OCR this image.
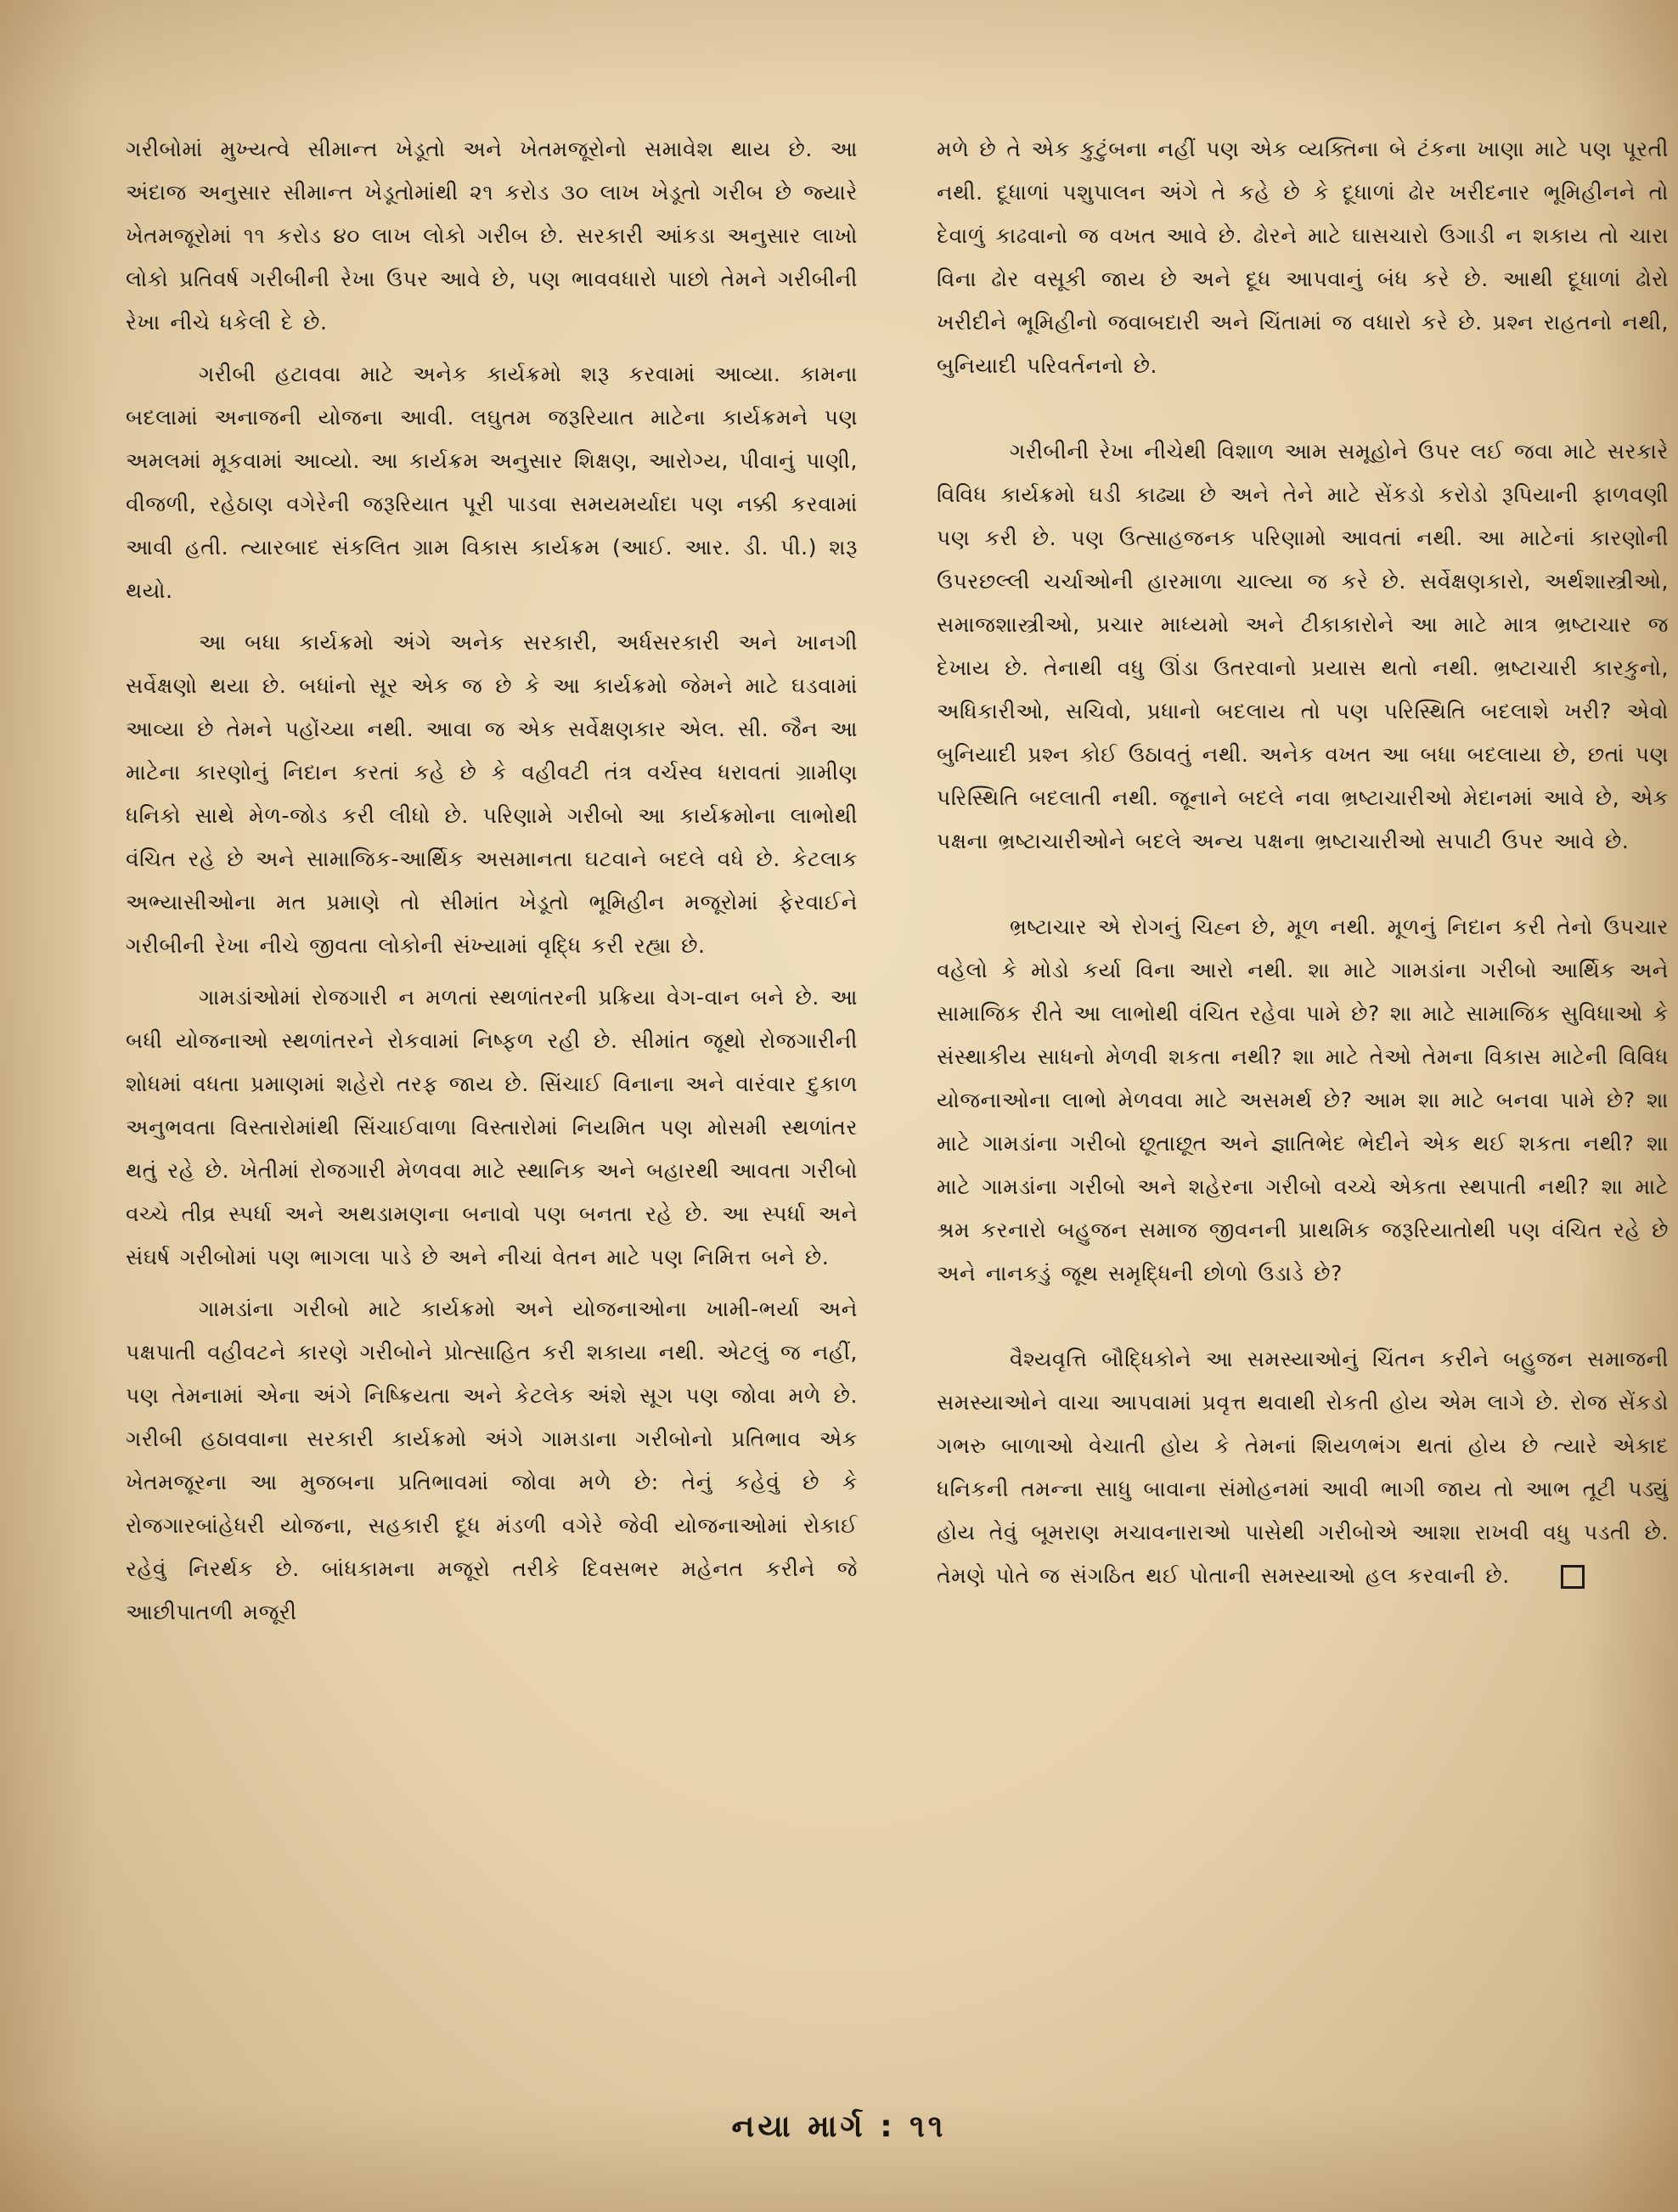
ગરીબોમાં મુખ્યત્વે સીમાન્ત ખેડૂતો અને ખેતમજૂરોનો સમાવેશ થાય છે. આ અંદાજ અનુસાર સીમાન્ત ખેડૂતોમાંથી ૨૧ કરોડ ૩૦ લાખ ખેડૂતો ગરીબ છે જ્યારે ખેતમજૂરોમાં ૧૧ કરોડ ૪૦ લાખ લોકો ગરીબ છે. સરકારી આંકડા અનુસાર લાખો લોકો પ્રતિવર્ષ ગરીબીની રેખા ઉપર આવે છે, પણ ભાવવધારો પાછો તેમને ગરીબીની રેખા નીચે ધકેલી દે છે.

ગરીબી હટાવવા માટે અનેક કાર્યક્રમો શરૂ કરવામાં આવ્યા. કામના બદલામાં અનાજની યોજના આવી. લઘુતમ જરૂરિયાત માટેના કાર્યક્રમને પણ અમલમાં મૂકવામાં આવ્યો. આ કાર્યક્રમ અનુસાર શિક્ષણ, આરોગ્ય, પીવાનું પાણી, વીજળી, રહેઠાણ વગેરેની જરૂરિયાત પૂરી પાડવા સમયમર્યાદા પણ નક્કી કરવામાં આવી હતી. ત્યારબાદ સંકલિત ગ્રામ વિકાસ કાર્યક્રમ (આઈ. આર. ડી. પી.) શરૂ થયો.

આ બધા કાર્યક્રમો અંગે અનેક સરકારી, અર્ધસરકારી અને ખાનગી સર્વેક્ષણો થયા છે. બધાંનો સૂર એક જ છે કે આ કાર્યક્રમો જેમને માટે ઘડવામાં આવ્યા છે તેમને પહોંચ્યા નથી. આવા જ એક સર્વેક્ષણકાર એલ. સી. જૈન આ માટેના કારણોનું નિદાન કરતાં કહે છે કે વહીવટી તંત્ર વર્ચસ્વ ધરાવતાં ગ્રામીણ ધનિકો સાથે મેળ-જોડ કરી લીધો છે. પરિણામે ગરીબો આ કાર્યક્રમોના લાભોથી વંચિત રહે છે અને સામાજિક-આર્થિક અસમાનતા ઘટવાને બદલે વધે છે. કેટલાક અભ્યાસીઓના મત પ્રમાણે તો સીમાંત ખેડૂતો ભૂમિહીન મજૂરોમાં ફેરવાઈને ગરીબીની રેખા નીચે જીવતા લોકોની સંખ્યામાં વૃદ્ધિ કરી રહ્યા છે.

ગામડાંઓમાં રોજગારી ન મળતાં સ્થળાંતરની પ્રક્રિયા વેગ-વાન બને છે. આ બધી યોજનાઓ સ્થળાંતરને રોકવામાં નિષ્ફળ રહી છે. સીમાંત જૂથો રોજગારીની શોધમાં વધતા પ્રમાણમાં શહેરો તરફ જાય છે. સિંચાઈ વિનાના અને વારંવાર દુકાળ અનુભવતા વિસ્તારોમાંથી સિંચાઈવાળા વિસ્તારોમાં નિયમિત પણ મોસમી સ્થળાંતર થતું રહે છે. ખેતીમાં રોજગારી મેળવવા માટે સ્થાનિક અને બહારથી આવતા ગરીબો વચ્ચે તીવ્ર સ્પર્ધા અને અથડામણના બનાવો પણ બનતા રહે છે. આ સ્પર્ધા અને સંઘર્ષ ગરીબોમાં પણ ભાગલા પાડે છે અને નીચાં વેતન માટે પણ નિમિત્ત બને છે.

ગામડાંના ગરીબો માટે કાર્યક્રમો અને યોજનાઓના ખામી-ભર્યા અને પક્ષપાતી વહીવટને કારણે ગરીબોને પ્રોત્સાહિત કરી શકાયા નથી. એટલું જ નહીં, પણ તેમનામાં એના અંગે નિષ્ક્રિયતા અને કેટલેક અંશે સૂગ પણ જોવા મળે છે. ગરીબી હઠાવવાના સરકારી કાર્યક્રમો અંગે ગામડાના ગરીબોનો પ્રતિભાવ એક ખેતમજૂરના આ મુજબના પ્રતિભાવમાં જોવા મળે છે: તેનું કહેવું છે કે રોજગારબાંહેધરી યોજના, સહકારી દૂધ મંડળી વગેરે જેવી યોજનાઓમાં રોકાઈ રહેવું નિરર્થક છે. બાંધકામના મજૂરો તરીકે દિવસભર મહેનત કરીને જે આછીપાતળી મજૂરી

મળે છે તે એક કુટુંબના નહીં પણ એક વ્યક્તિના બે ટંકના ખાણા માટે પણ પૂરતી નથી. દૂધાળાં પશુપાલન અંગે તે કહે છે કે દૂધાળાં ઢોર ખરીદનાર ભૂમિહીનને તો દેવાળું કાઢવાનો જ વખત આવે છે. ઢોરને માટે ઘાસચારો ઉગાડી ન શકાય તો ચારા વિના ઢોર વસૂકી જાય છે અને દૂધ આપવાનું બંધ કરે છે. આથી દૂધાળાં ઢોરો ખરીદીને ભૂમિહીનો જવાબદારી અને ચિંતામાં જ વધારો કરે છે. પ્રશ્ન રાહતનો નથી, બુનિયાદી પરિવર્તનનો છે.

ગરીબીની રેખા નીચેથી વિશાળ આમ સમૂહોને ઉપર લઈ જવા માટે સરકારે વિવિધ કાર્યક્રમો ઘડી કાઢ્યા છે અને તેને માટે સેંકડો કરોડો રૂપિયાની ફાળવણી પણ કરી છે. પણ ઉત્સાહજનક પરિણામો આવતાં નથી. આ માટેનાં કારણોની ઉપરછલ્લી ચર્ચાઓની હારમાળા ચાલ્યા જ કરે છે. સર્વેક્ષણકારો, અર્થશાસ્ત્રીઓ, સમાજશાસ્ત્રીઓ, પ્રચાર માધ્યમો અને ટીકાકારોને આ માટે માત્ર ભ્રષ્ટાચાર જ દેખાય છે. તેનાથી વધુ ઊંડા ઉતરવાનો પ્રયાસ થતો નથી. ભ્રષ્ટાચારી કારકુનો, અધિકારીઓ, સચિવો, પ્રધાનો બદલાય તો પણ પરિસ્થિતિ બદલાશે ખરી? એવો બુનિયાદી પ્રશ્ન કોઈ ઉઠાવતું નથી. અનેક વખત આ બધા બદલાયા છે, છતાં પણ પરિસ્થિતિ બદલાતી નથી. જૂનાને બદલે નવા ભ્રષ્ટાચારીઓ મેદાનમાં આવે છે, એક પક્ષના ભ્રષ્ટાચારીઓને બદલે અન્ય પક્ષના ભ્રષ્ટાચારીઓ સપાટી ઉપર આવે છે.

ભ્રષ્ટાચાર એ રોગનું ચિહ્ન છે, મૂળ નથી. મૂળનું નિદાન કરી તેનો ઉપચાર વહેલો કે મોડો કર્યા વિના આરો નથી. શા માટે ગામડાંના ગરીબો આર્થિક અને સામાજિક રીતે આ લાભોથી વંચિત રહેવા પામે છે? શા માટે સામાજિક સુવિધાઓ કે સંસ્થાકીય સાધનો મેળવી શકતા નથી? શા માટે તેઓ તેમના વિકાસ માટેની વિવિધ યોજનાઓના લાભો મેળવવા માટે અસમર્થ છે? આમ શા માટે બનવા પામે છે? શા માટે ગામડાંના ગરીબો છૂતાછૂત અને જ્ઞાતિભેદ ભેદીને એક થઈ શકતા નથી? શા માટે ગામડાંના ગરીબો અને શહેરના ગરીબો વચ્ચે એકતા સ્થપાતી નથી? શા માટે શ્રમ કરનારો બહુજન સમાજ જીવનની પ્રાથમિક જરૂરિયાતોથી પણ વંચિત રહે છે અને નાનકડું જૂથ સમૃદ્ધિની છોળો ઉડાડે છે?

વૈશ્યવૃત્તિ બૌદ્ધિકોને આ સમસ્યાઓનું ચિંતન કરીને બહુજન સમાજની સમસ્યાઓને વાચા આપવામાં પ્રવૃત્ત થવાથી રોકતી હોય એમ લાગે છે. રોજ સેંકડો ગભરુ બાળાઓ વેચાતી હોય કે તેમનાં શિયળભંગ થતાં હોય છે ત્યારે એકાદ ધનિકની તમન્ના સાધુ બાવાના સંમોહનમાં આવી ભાગી જાય તો આભ તૂટી પડ્યું હોય તેવું બૂમરાણ મચાવનારાઓ પાસેથી ગરીબોએ આશા રાખવી વધુ પડતી છે. તેમણે પોતે જ સંગઠિત થઈ પોતાની સમસ્યાઓ હલ કરવાની છે.

નયા માર્ગ : ૧૧
